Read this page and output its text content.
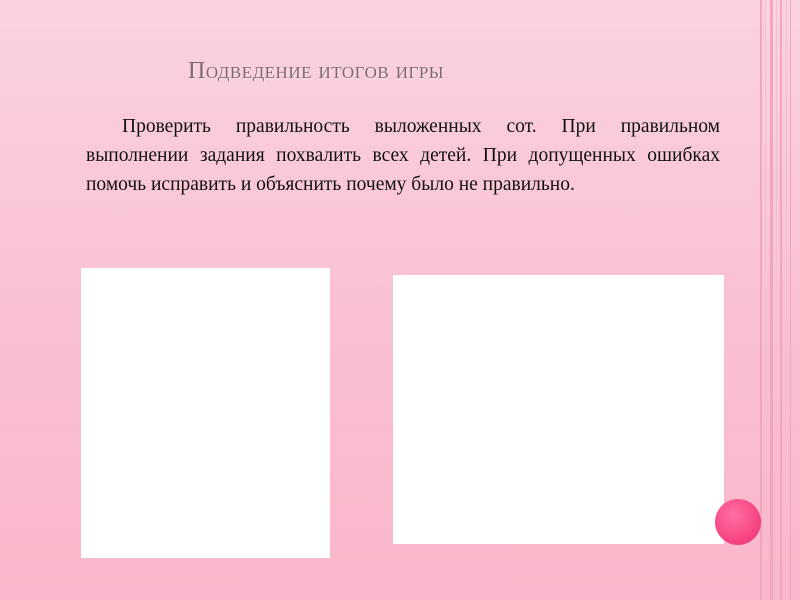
Подведение итогов игры
Проверить правильность выложенных сот. При правильном выполнении задания похвалить всех детей. При допущенных ошибках помочь исправить и объяснить почему было не правильно.
